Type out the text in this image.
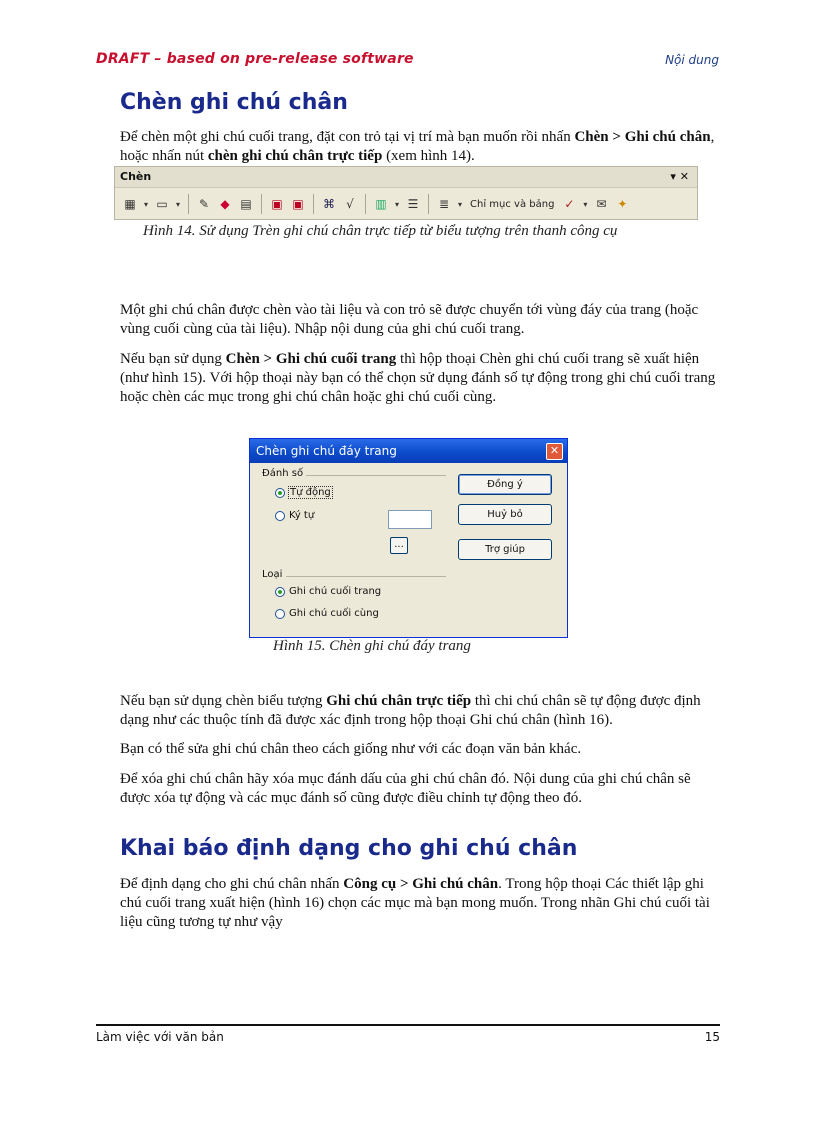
DRAFT – based on pre-release software	Nội dung
Chèn ghi chú chân

Để chèn một ghi chú cuối trang, đặt con trỏ tại vị trí mà bạn muốn rồi nhấn Chèn > Ghi chú chân, hoặc nhấn nút chèn ghi chú chân trực tiếp (xem hình 14).

Chèn	▾ ✕
▦	▾ ▭	▾	✎ ◆ ▤ ▣ ▣ ⌘ √	▥	▾ ☰	≣	▾ Chỉ mục và bảng ✓	▾ ✉ ✦

Hình 14. Sử dụng Trèn ghi chú chân trực tiếp từ biểu tượng trên thanh công cụ

Một ghi chú chân được chèn vào tài liệu và con trỏ sẽ được chuyển tới vùng đáy của trang (hoặc vùng cuối cùng của tài liệu). Nhập nội dung của ghi chú cuối trang.

Nếu bạn sử dụng Chèn > Ghi chú cuối trang thì hộp thoại Chèn ghi chú cuối trang sẽ xuất hiện (như hình 15). Với hộp thoại này bạn có thể chọn sử dụng đánh số tự động trong ghi chú cuối trang hoặc chèn các mục trong ghi chú chân hoặc ghi chú cuối cùng.

Chèn ghi chú đáy trang	✕
Đánh số
Tự động
Ký tự
...
Loại
Ghi chú cuối trang
Ghi chú cuối cùng
Đồng ý
Huỷ bỏ
Trợ giúp

Hình 15. Chèn ghi chú đáy trang

Nếu bạn sử dụng chèn biểu tượng Ghi chú chân trực tiếp thì chi chú chân sẽ tự động được định dạng như các thuộc tính đã được xác định trong hộp thoại Ghi chú chân (hình 16).

Bạn có thể sửa ghi chú chân theo cách giống như với các đoạn văn bản khác.

Để xóa ghi chú chân hãy xóa mục đánh dấu của ghi chú chân đó. Nội dung của ghi chú chân sẽ được xóa tự động và các mục đánh số cũng được điều chỉnh tự động theo đó.

Khai báo định dạng cho ghi chú chân

Để định dạng cho ghi chú chân nhấn Công cụ > Ghi chú chân. Trong hộp thoại Các thiết lập ghi chú cuối trang xuất hiện (hình 16) chọn các mục mà bạn mong muốn. Trong nhãn Ghi chú cuối tài liệu cũng tương tự như vậy

Làm việc với văn bản	15
